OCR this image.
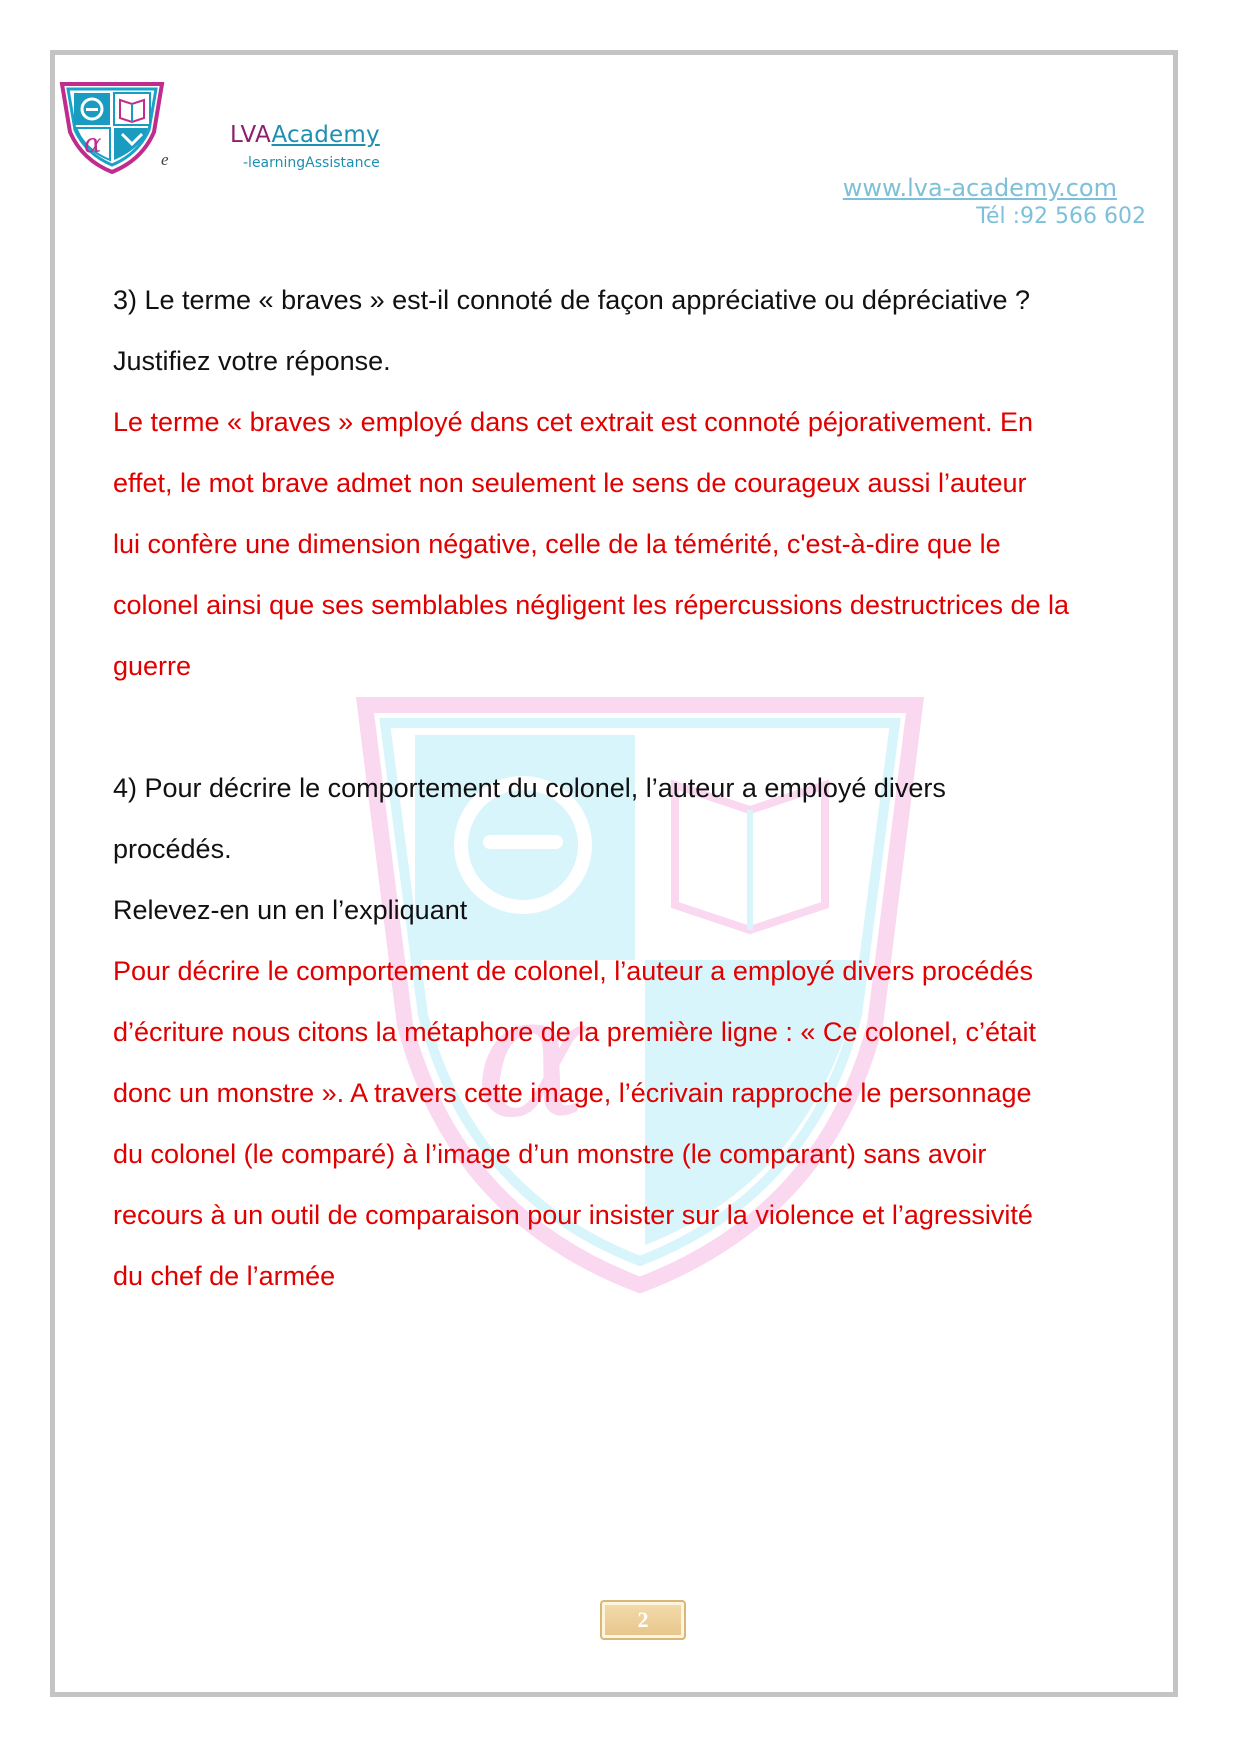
α
e
LVAAcademy
-learningAssistance
www.lva-academy.com
Tél :92 566 602
α

3) Le terme « braves » est-il connoté de façon appréciative ou dépréciative ?

Justifiez votre réponse.

Le terme « braves » employé dans cet extrait est connoté péjorativement. En

effet, le mot brave admet non seulement le sens de courageux aussi l’auteur

lui confère une dimension négative, celle de la témérité, c'est-à-dire que le

colonel ainsi que ses semblables négligent les répercussions destructrices de la

guerre

4) Pour décrire le comportement du colonel, l’auteur a employé divers

procédés.

Relevez-en un en l’expliquant

Pour décrire le comportement de colonel, l’auteur a employé divers procédés

d’écriture nous citons la métaphore de la première ligne : « Ce colonel, c’était

donc un monstre ». A travers cette image, l’écrivain rapproche le personnage

du colonel (le comparé) à l’image d’un monstre (le comparant) sans avoir

recours à un outil de comparaison pour insister sur la violence et l’agressivité

du chef de l’armée

2
